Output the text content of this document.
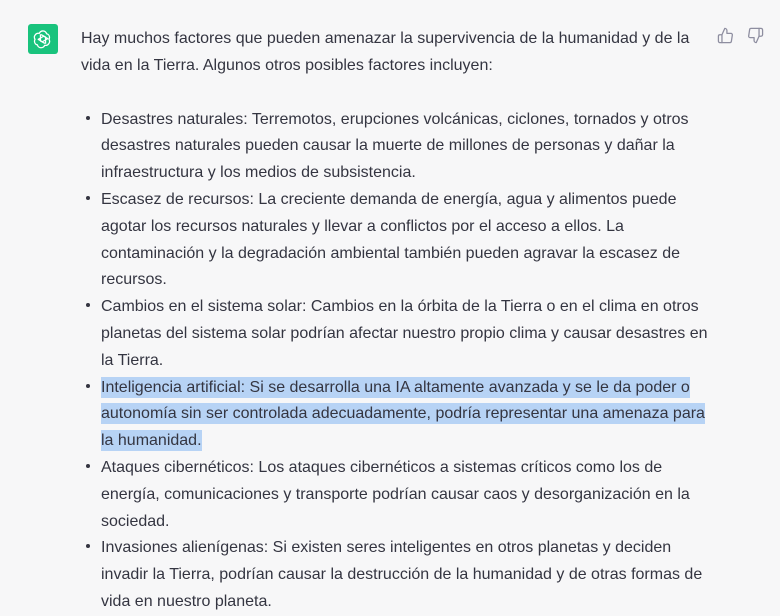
Hay muchos factores que pueden amenazar la supervivencia de la humanidad y de la vida en la Tierra. Algunos otros posibles factores incluyen:

Desastres naturales: Terremotos, erupciones volcánicas, ciclones, tornados y otros desastres naturales pueden causar la muerte de millones de personas y dañar la infraestructura y los medios de subsistencia.
Escasez de recursos: La creciente demanda de energía, agua y alimentos puede agotar los recursos naturales y llevar a conflictos por el acceso a ellos. La contaminación y la degradación ambiental también pueden agravar la escasez de recursos.
Cambios en el sistema solar: Cambios en la órbita de la Tierra o en el clima en otros planetas del sistema solar podrían afectar nuestro propio clima y causar desastres en la Tierra.
Inteligencia artificial: Si se desarrolla una IA altamente avanzada y se le da poder o autonomía sin ser controlada adecuadamente, podría representar una amenaza para la humanidad.
Ataques cibernéticos: Los ataques cibernéticos a sistemas críticos como los de energía, comunicaciones y transporte podrían causar caos y desorganización en la sociedad.
Invasiones alienígenas: Si existen seres inteligentes en otros planetas y deciden invadir la Tierra, podrían causar la destrucción de la humanidad y de otras formas de vida en nuestro planeta.
